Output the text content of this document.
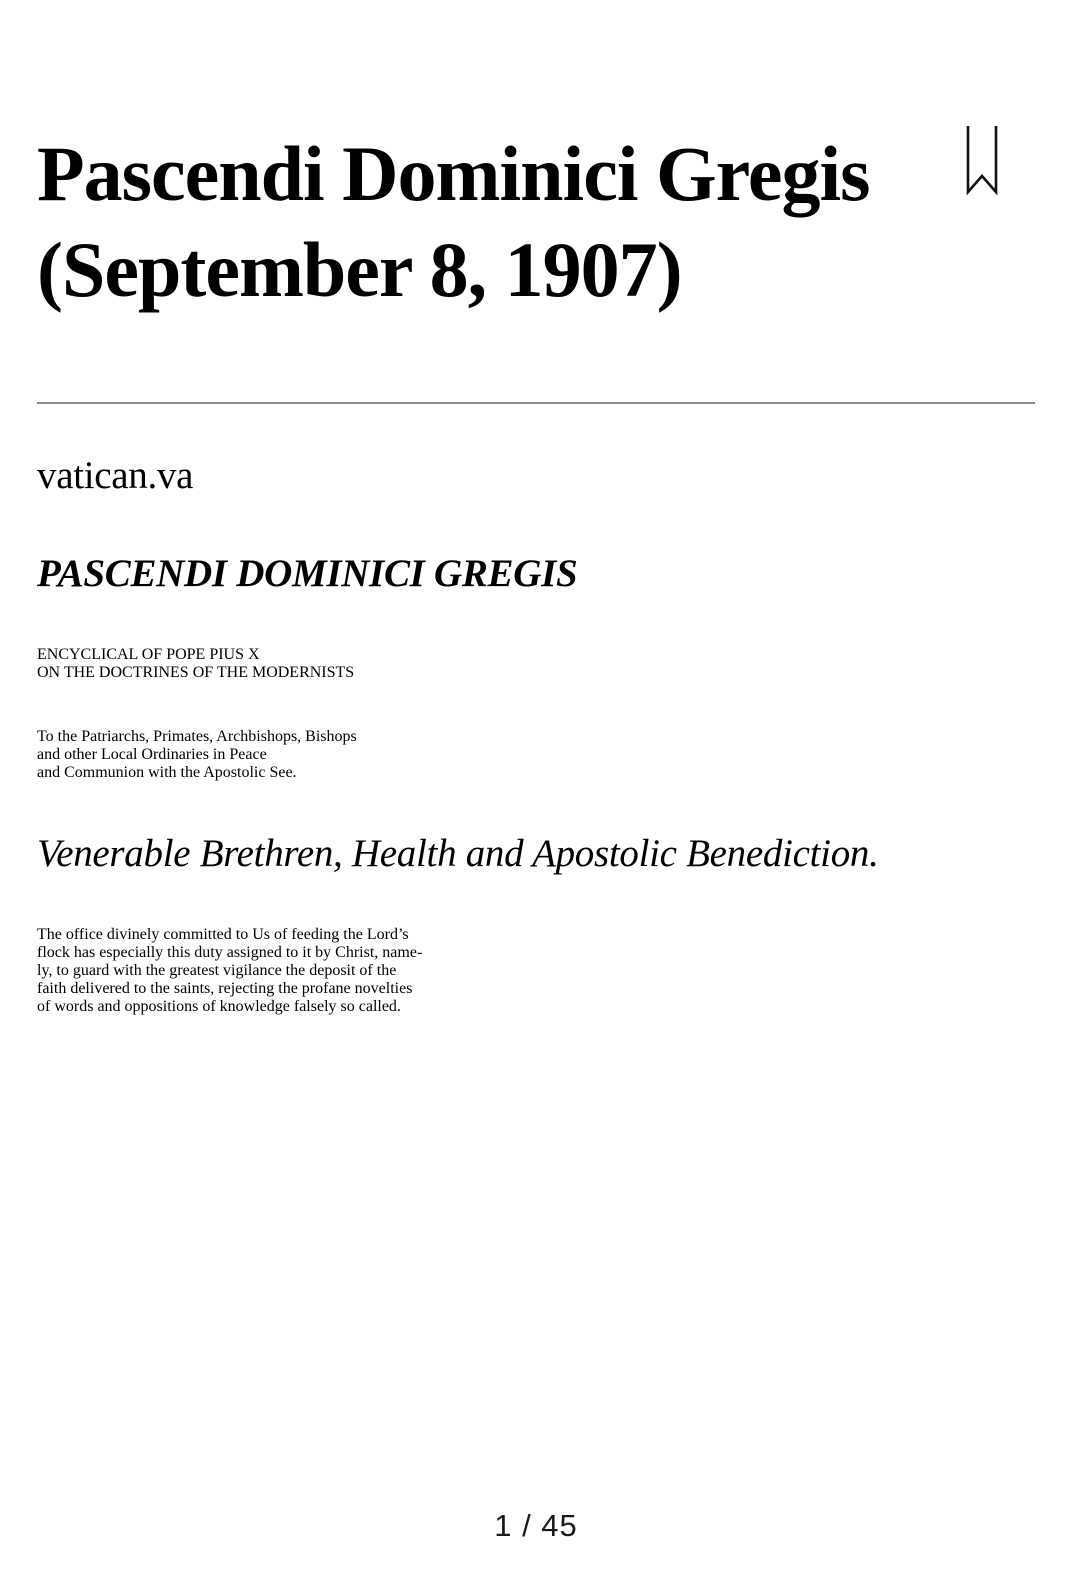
Pascendi Dominici Gregis
(September 8, 1907)

vatican.va

PASCENDI DOMINICI GREGIS

ENCYCLICAL OF POPE PIUS X
ON THE DOCTRINES OF THE MODERNISTS

To the Patriarchs, Primates, Archbishops, Bishops
and other Local Ordinaries in Peace
and Communion with the Apostolic See.

Venerable Brethren, Health and Apostolic Benediction.

The office divinely committed to Us of feeding the Lord’s
flock has especially this duty assigned to it by Christ, name-
ly, to guard with the greatest vigilance the deposit of the
faith delivered to the saints, rejecting the profane novelties
of words and oppositions of knowledge falsely so called.

1 / 45
